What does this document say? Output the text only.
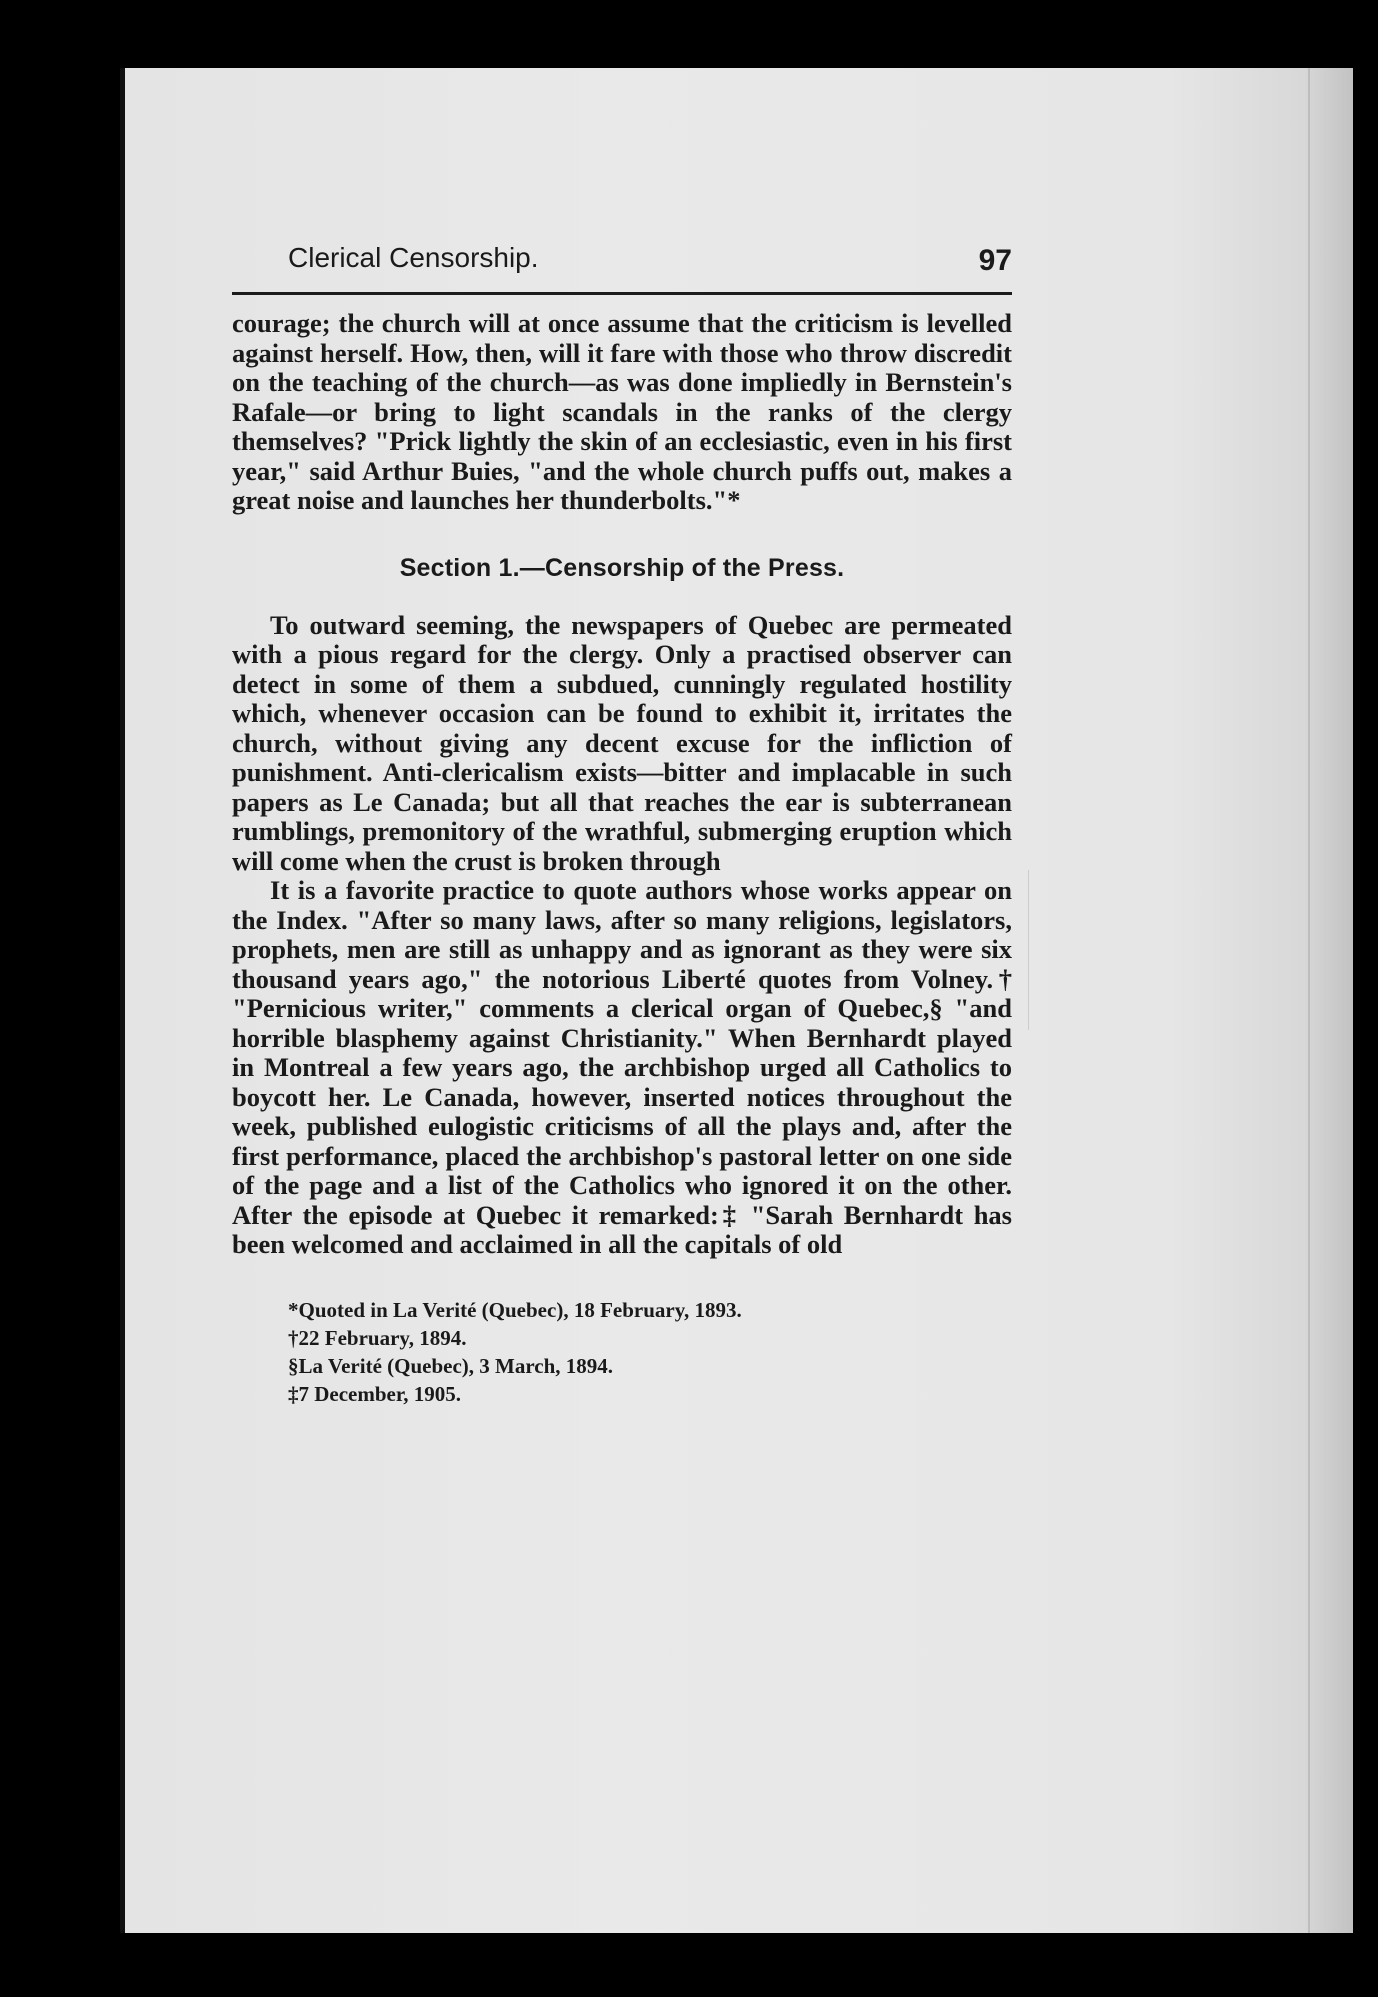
Clerical Censorship.	97

courage; the church will at once assume that the criticism is levelled against herself. How, then, will it fare with those who throw discredit on the teaching of the church—as was done impliedly in Bernstein's Rafale—or bring to light scandals in the ranks of the clergy themselves? "Prick lightly the skin of an ecclesiastic, even in his first year," said Arthur Buies, "and the whole church puffs out, makes a great noise and launches her thunderbolts."*

Section 1.—Censorship of the Press.

To outward seeming, the newspapers of Quebec are permeated with a pious regard for the clergy. Only a practised observer can detect in some of them a subdued, cunningly regulated hostility which, whenever occasion can be found to exhibit it, irritates the church, without giving any decent excuse for the infliction of punishment. Anti-clericalism exists—bitter and implacable in such papers as Le Canada; but all that reaches the ear is subterranean rumblings, premonitory of the wrathful, submerging eruption which will come when the crust is broken through

It is a favorite practice to quote authors whose works appear on the Index. "After so many laws, after so many religions, legislators, prophets, men are still as unhappy and as ignorant as they were six thousand years ago," the notorious Liberté quotes from Volney.† "Pernicious writer," comments a clerical organ of Quebec,§ "and horrible blasphemy against Christianity." When Bernhardt played in Montreal a few years ago, the archbishop urged all Catholics to boycott her. Le Canada, however, inserted notices throughout the week, published eulogistic criticisms of all the plays and, after the first performance, placed the archbishop's pastoral letter on one side of the page and a list of the Catholics who ignored it on the other. After the episode at Quebec it remarked:‡ "Sarah Bernhardt has been welcomed and acclaimed in all the capitals of old

*Quoted in La Verité (Quebec), 18 February, 1893.
†22 February, 1894.
§La Verité (Quebec), 3 March, 1894.
‡7 December, 1905.
